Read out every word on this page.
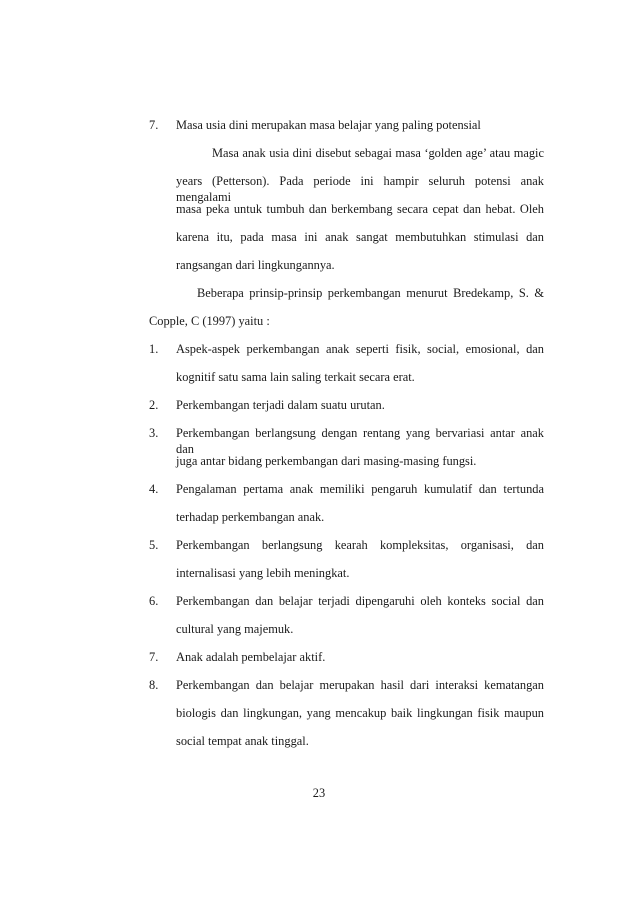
7. Masa usia dini merupakan masa belajar yang paling potensial
Masa anak usia dini disebut sebagai masa ‘golden age’ atau magic
years (Petterson). Pada periode ini hampir seluruh potensi anak mengalami
masa peka untuk tumbuh dan berkembang secara cepat dan hebat. Oleh
karena itu, pada masa ini anak sangat membutuhkan stimulasi dan
rangsangan dari lingkungannya.
Beberapa prinsip-prinsip perkembangan menurut Bredekamp, S. &
Copple, C (1997) yaitu :
1. Aspek-aspek perkembangan anak seperti fisik, social, emosional, dan
kognitif satu sama lain saling terkait secara erat.
2. Perkembangan terjadi dalam suatu urutan.
3. Perkembangan berlangsung dengan rentang yang bervariasi antar anak dan
juga antar bidang perkembangan dari masing-masing fungsi.
4. Pengalaman pertama anak memiliki pengaruh kumulatif dan tertunda
terhadap perkembangan anak.
5. Perkembangan berlangsung kearah kompleksitas, organisasi, dan
internalisasi yang lebih meningkat.
6. Perkembangan dan belajar terjadi dipengaruhi oleh konteks social dan
cultural yang majemuk.
7. Anak adalah pembelajar aktif.
8. Perkembangan dan belajar merupakan hasil dari interaksi kematangan
biologis dan lingkungan, yang mencakup baik lingkungan fisik maupun
social tempat anak tinggal.
23
